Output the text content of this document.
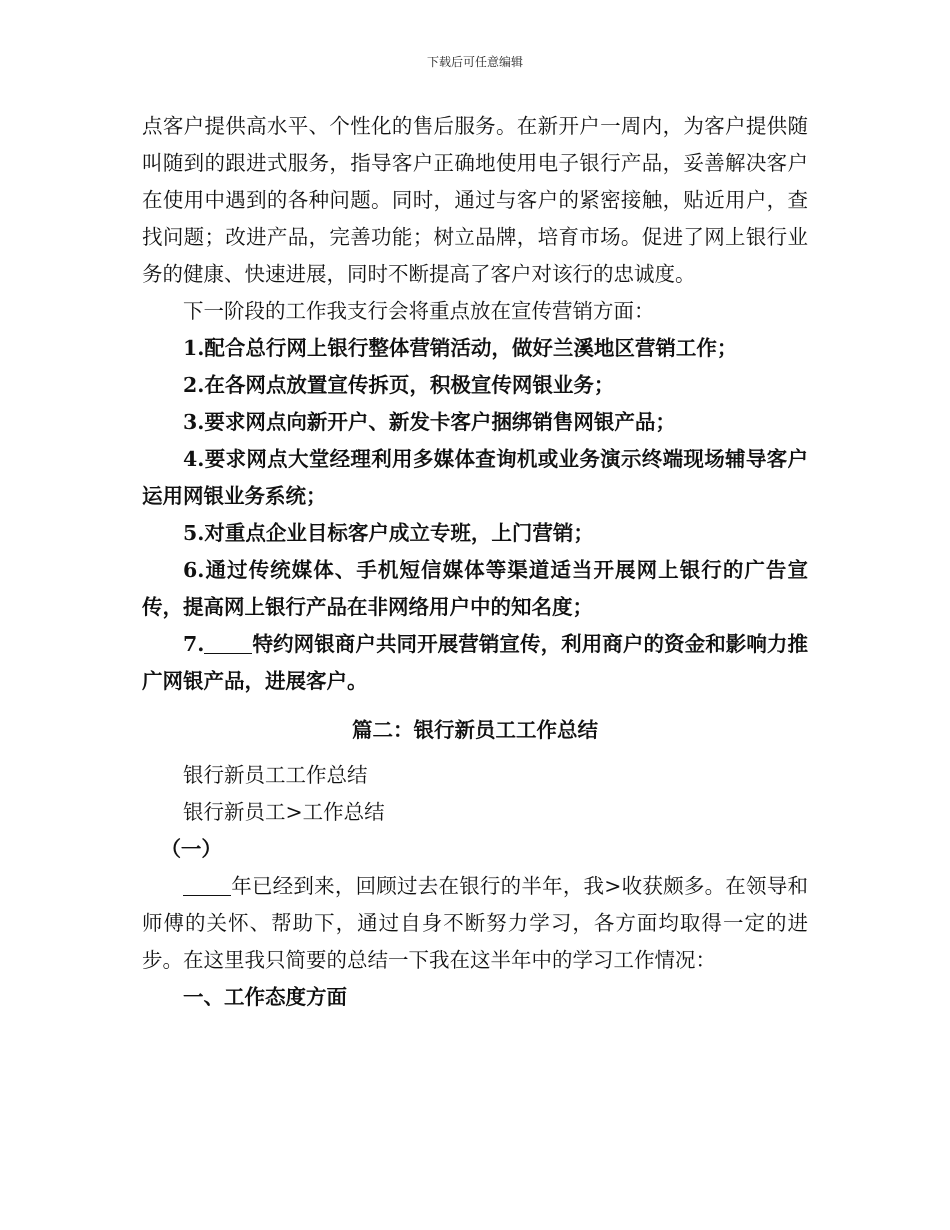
下载后可任意编辑

点客户提供高水平、个性化的售后服务。在新开户一周内，为客户提供随叫随到的跟进式服务，指导客户正确地使用电子银行产品，妥善解决客户在使用中遇到的各种问题。同时，通过与客户的紧密接触，贴近用户，查找问题；改进产品，完善功能；树立品牌，培育市场。促进了网上银行业务的健康、快速进展，同时不断提高了客户对该行的忠诚度。

下一阶段的工作我支行会将重点放在宣传营销方面：

1.配合总行网上银行整体营销活动，做好兰溪地区营销工作；

2.在各网点放置宣传拆页，积极宣传网银业务；

3.要求网点向新开户、新发卡客户捆绑销售网银产品；

4.要求网点大堂经理利用多媒体查询机或业务演示终端现场辅导客户运用网银业务系统；

5.对重点企业目标客户成立专班，上门营销；

6.通过传统媒体、手机短信媒体等渠道适当开展网上银行的广告宣传，提高网上银行产品在非网络用户中的知名度；

7. 特约网银商户共同开展营销宣传，利用商户的资金和影响力推广网银产品，进展客户。

篇二：银行新员工工作总结

银行新员工工作总结

银行新员工>工作总结

（一）

年已经到来，回顾过去在银行的半年，我>收获颇多。在领导和师傅的关怀、帮助下，通过自身不断努力学习，各方面均取得一定的进步。在这里我只简要的总结一下我在这半年中的学习工作情况：

一、工作态度方面
